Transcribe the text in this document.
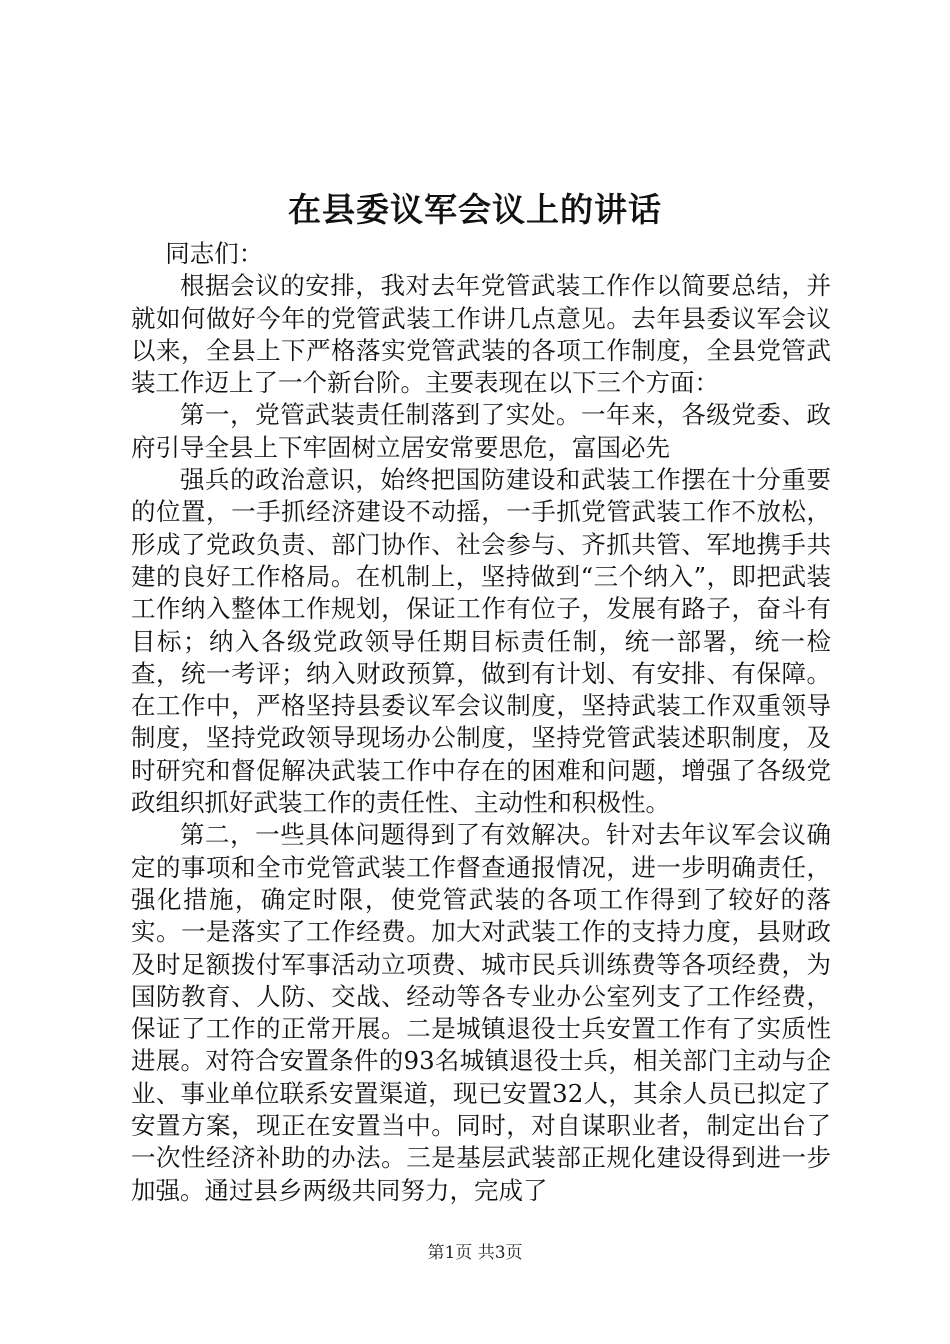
在县委议军会议上的讲话

同志们：

根据会议的安排，我对去年党管武装工作作以简要总结，并就如何做好今年的党管武装工作讲几点意见。去年县委议军会议以来，全县上下严格落实党管武装的各项工作制度，全县党管武装工作迈上了一个新台阶。主要表现在以下三个方面：

第一，党管武装责任制落到了实处。一年来，各级党委、政府引导全县上下牢固树立居安常要思危，富国必先

强兵的政治意识，始终把国防建设和武装工作摆在十分重要的位置，一手抓经济建设不动摇，一手抓党管武装工作不放松，形成了党政负责、部门协作、社会参与、齐抓共管、军地携手共建的良好工作格局。在机制上，坚持做到“三个纳入”，即把武装工作纳入整体工作规划，保证工作有位子，发展有路子，奋斗有目标；纳入各级党政领导任期目标责任制，统一部署，统一检查，统一考评；纳入财政预算，做到有计划、有安排、有保障。在工作中，严格坚持县委议军会议制度，坚持武装工作双重领导制度，坚持党政领导现场办公制度，坚持党管武装述职制度，及时研究和督促解决武装工作中存在的困难和问题，增强了各级党政组织抓好武装工作的责任性、主动性和积极性。

第二，一些具体问题得到了有效解决。针对去年议军会议确定的事项和全市党管武装工作督查通报情况，进一步明确责任，强化措施，确定时限，使党管武装的各项工作得到了较好的落实。一是落实了工作经费。加大对武装工作的支持力度，县财政及时足额拨付军事活动立项费、城市民兵训练费等各项经费，为国防教育、人防、交战、经动等各专业办公室列支了工作经费，保证了工作的正常开展。二是城镇退役士兵安置工作有了实质性进展。对符合安置条件的93名城镇退役士兵，相关部门主动与企业、事业单位联系安置渠道，现已安置32人，其余人员已拟定了安置方案，现正在安置当中。同时，对自谋职业者，制定出台了一次性经济补助的办法。三是基层武装部正规化建设得到进一步加强。通过县乡两级共同努力，完成了

第1页 共3页
